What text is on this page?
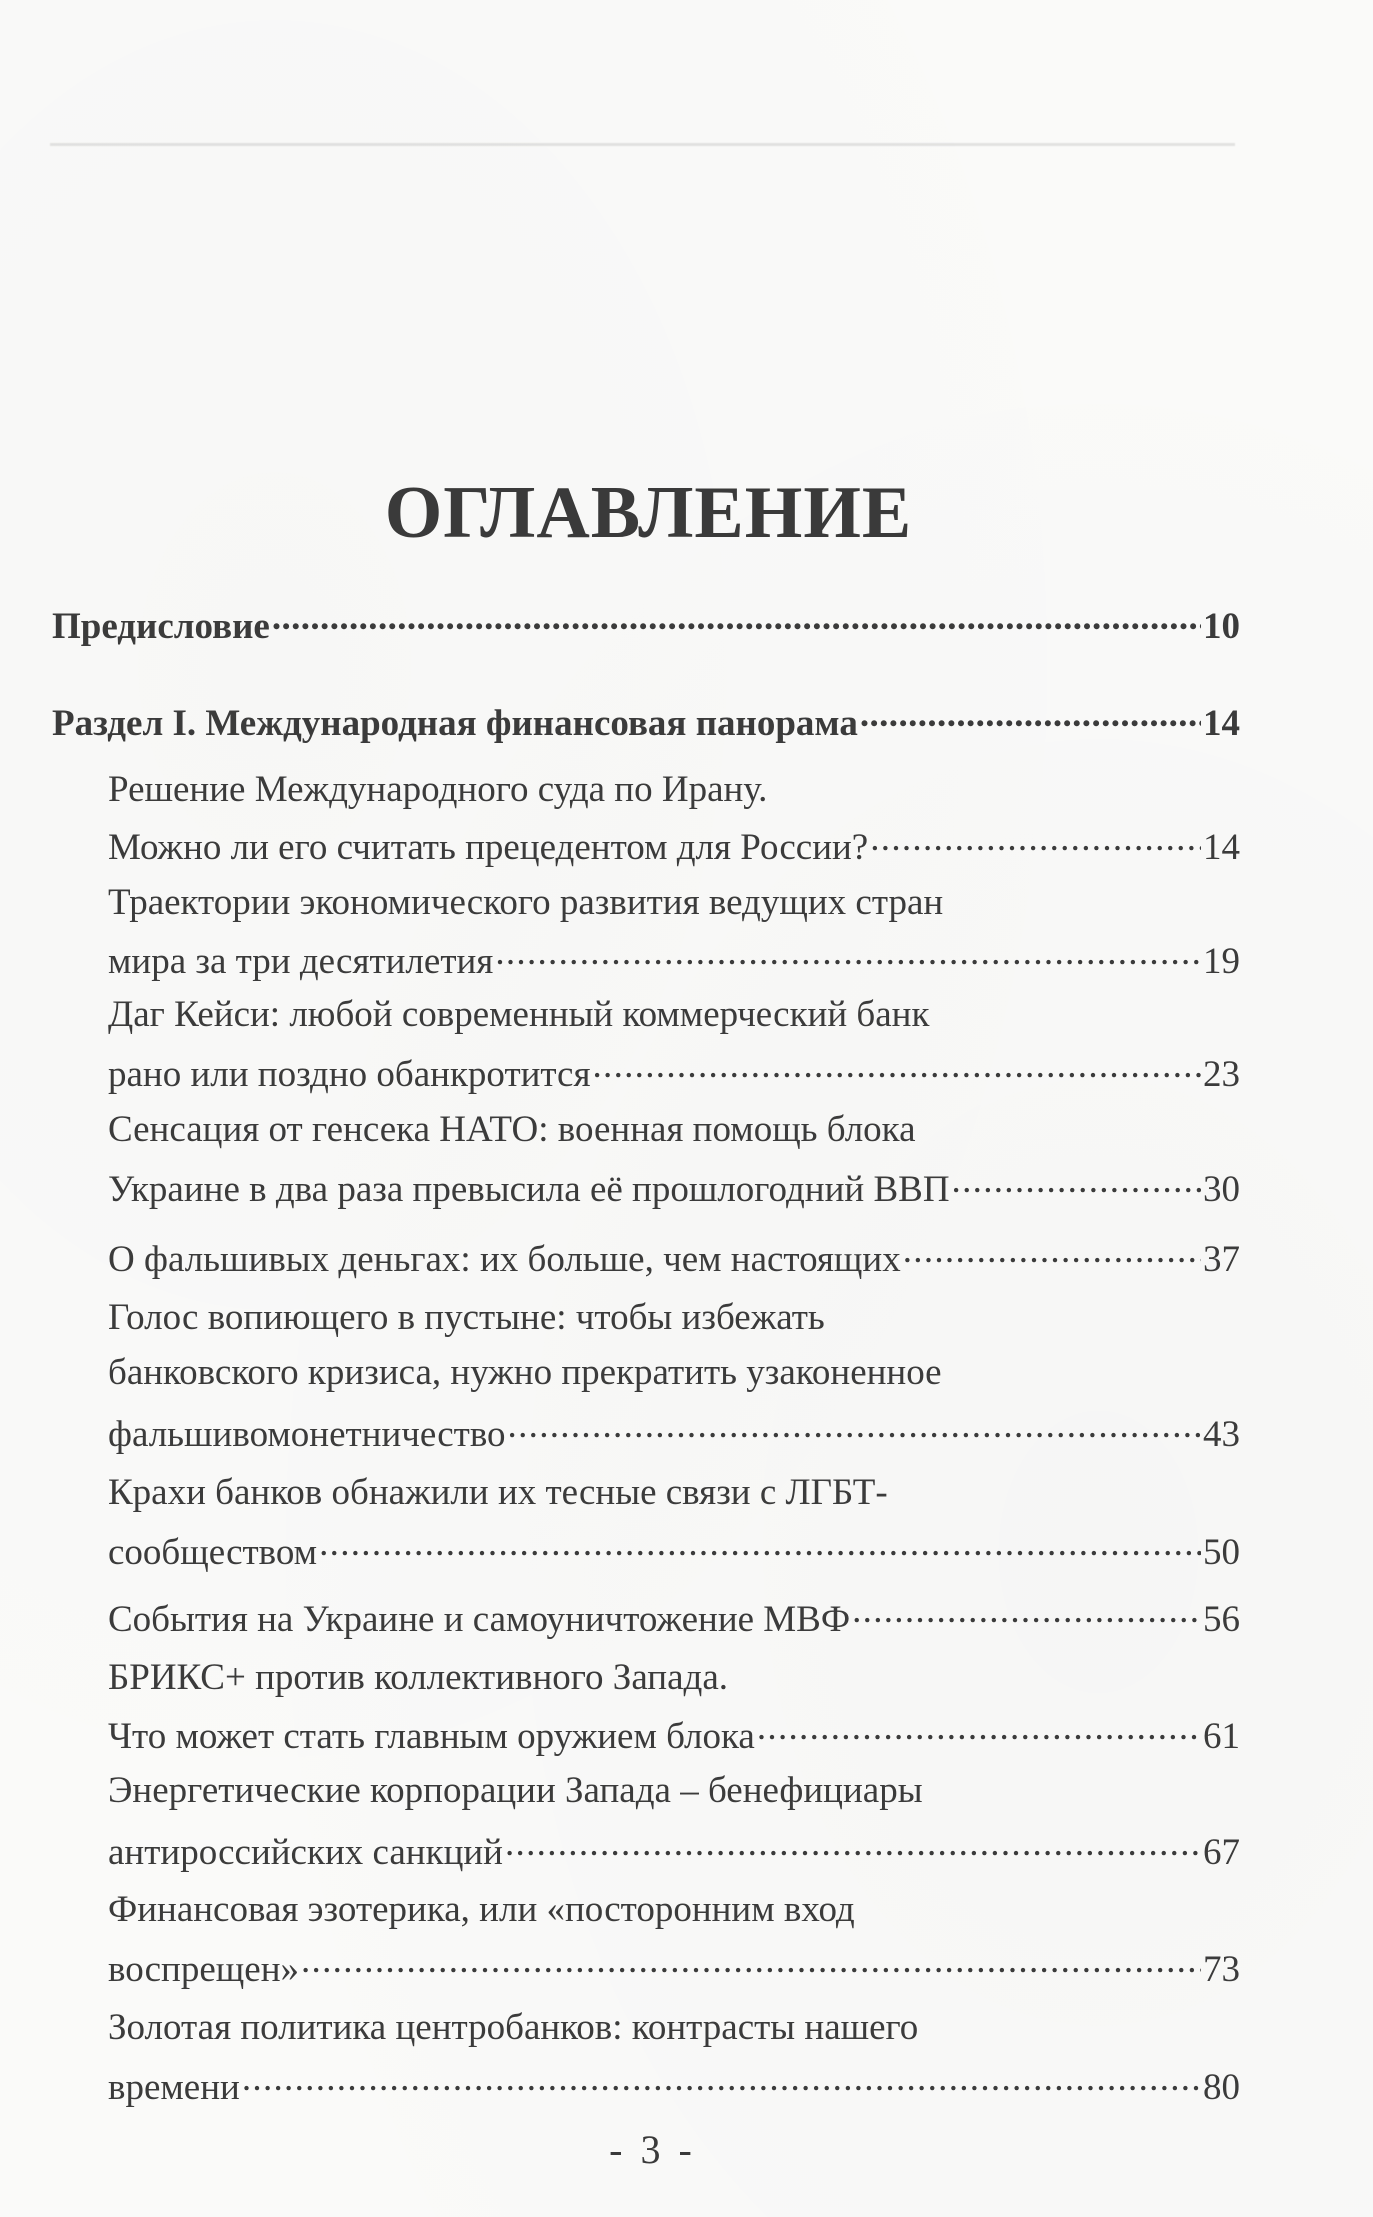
ОГЛАВЛЕНИЕ
Предисловие .....	10
Раздел I. Международная финансовая панорама .....	14
Решение Международного суда по Ирану.
Можно ли его считать прецедентом для России? .....	14
Траектории экономического развития ведущих стран
мира за три десятилетия .....	19
Даг Кейси: любой современный коммерческий банк
рано или поздно обанкротится .....	23
Сенсация от генсека НАТО: военная помощь блока
Украине в два раза превысила её прошлогодний ВВП .....	30
О фальшивых деньгах: их больше, чем настоящих .....	37
Голос вопиющего в пустыне: чтобы избежать
банковского кризиса, нужно прекратить узаконенное
фальшивомонетничество .....	43
Крахи банков обнажили их тесные связи с ЛГБТ-
сообществом .....	50
События на Украине и самоуничтожение МВФ .....	56
БРИКС+ против коллективного Запада.
Что может стать главным оружием блока .....	61
Энергетические корпорации Запада – бенефициары
антироссийских санкций .....	67
Финансовая эзотерика, или «посторонним вход
воспрещен» .....	73
Золотая политика центробанков: контрасты нашего
времени .....	80
- 3 -
